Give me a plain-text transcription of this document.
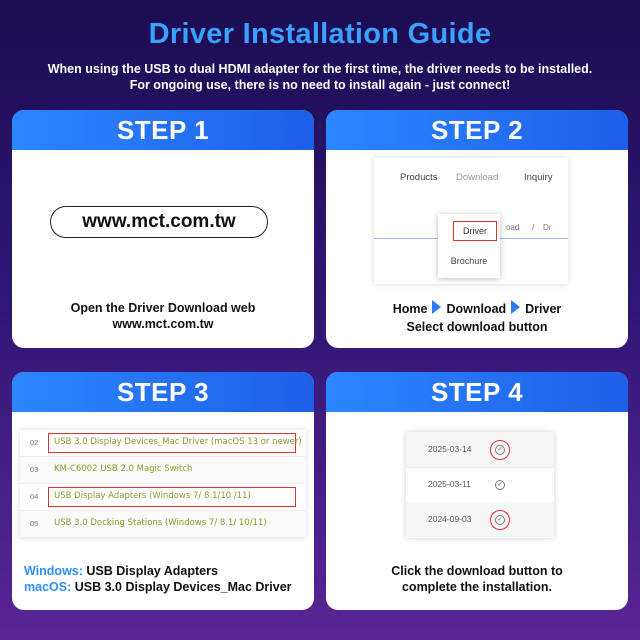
Driver Installation Guide
When using the USB to dual HDMI adapter for the first time, the driver needs to be installed.
For ongoing use, there is no need to install again - just connect!
STEP 1
www.mct.com.tw
Open the Driver Download web
www.mct.com.tw
STEP 2
Products Download	Inquiry
oad / Dr
Driver
Brochure
Home Download Driver
Select download button
STEP 3
02 USB 3.0 Display Devices_Mac Driver (macOS 13 or newer)
03 KM-C6002 USB 2.0 Magic Switch
04 USB Display Adapters (Windows 7/ 8.1/10 /11)
05 USB 3.0 Docking Stations (Windows 7/ 8.1/ 10/11)
Windows: USB Display Adapters
macOS: USB 3.0 Display Devices_Mac Driver
STEP 4
2025-03-14	✓
2025-03-11	✓
2024-09-03	✓
Click the download button to
complete the installation.
